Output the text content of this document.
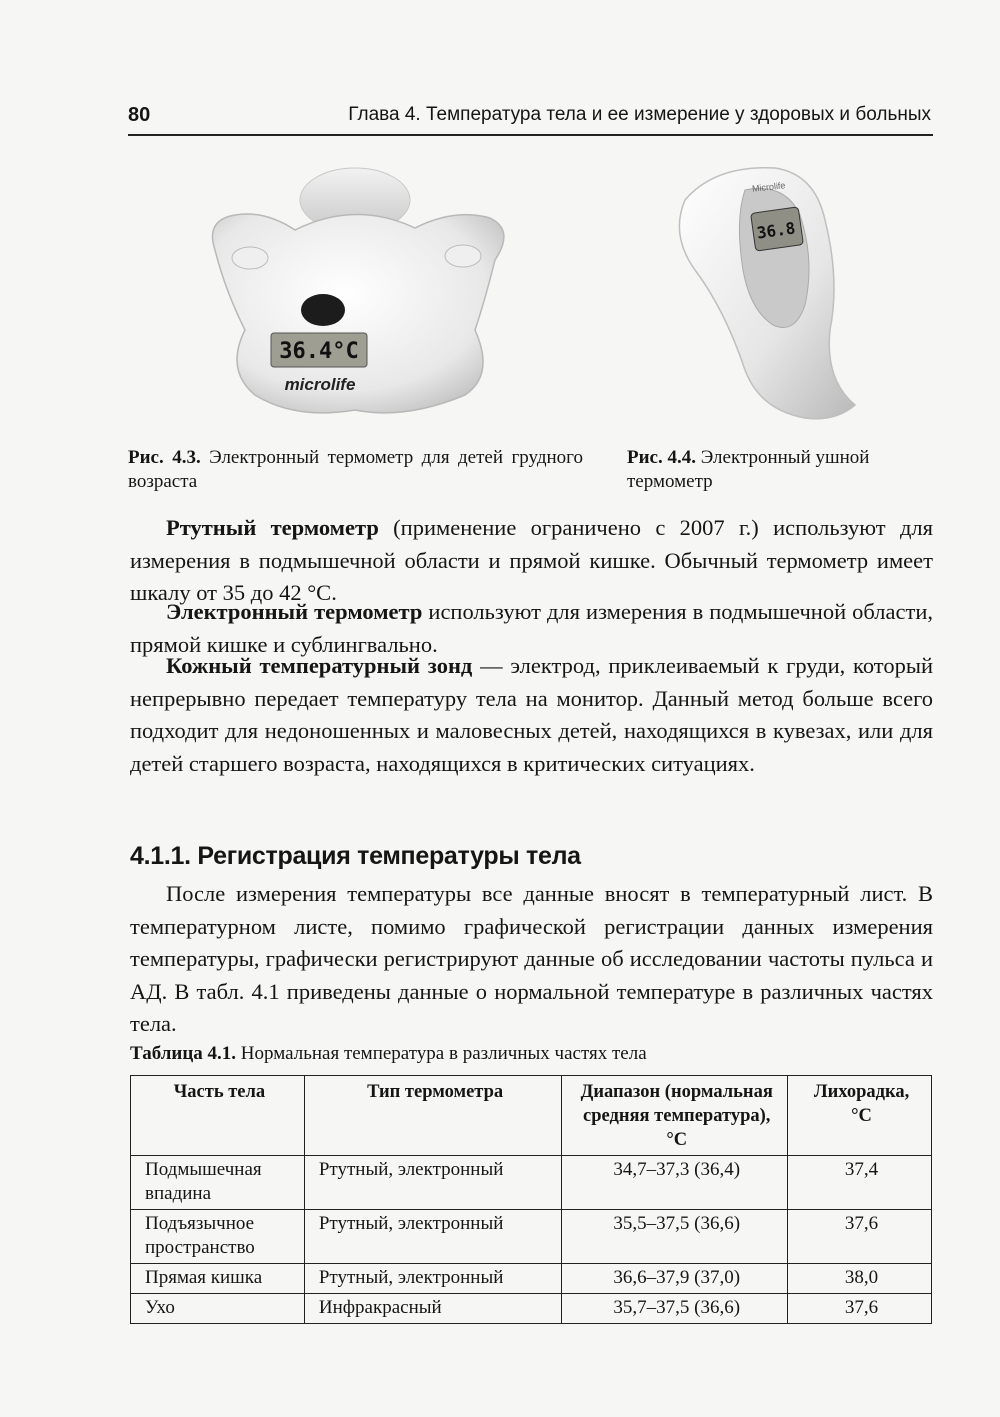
80	Глава 4. Температура тела и ее измерение у здоровых и больных
36.4°C
microlife
36.8
Microlife
Рис. 4.3. Электронный термометр для детей грудного возраста
Рис. 4.4. Электронный ушной термометр

Ртутный термометр (применение ограничено с 2007 г.) используют для измерения в подмышечной области и прямой кишке. Обычный термометр имеет шкалу от 35 до 42 °С.

Электронный термометр используют для измерения в подмышечной области, прямой кишке и сублингвально.

Кожный температурный зонд — электрод, приклеиваемый к груди, который непрерывно передает температуру тела на монитор. Данный метод больше всего подходит для недоношенных и маловесных детей, находящихся в кувезах, или для детей старшего возраста, находящихся в критических ситуациях.

4.1.1. Регистрация температуры тела

После измерения температуры все данные вносят в температурный лист. В температурном листе, помимо графической регистрации данных измерения температуры, графически регистрируют данные об исследовании частоты пульса и АД. В табл. 4.1 приведены данные о нормальной температуре в различных частях тела.

Таблица 4.1. Нормальная температура в различных частях тела
Часть тела	Тип термометра	Диапазон (нормальная средняя температура), °С	Лихорадка, °С
Подмышечная впадина	Ртутный, электронный	34,7–37,3 (36,4)	37,4
Подъязычное пространство	Ртутный, электронный	35,5–37,5 (36,6)	37,6
Прямая кишка	Ртутный, электронный	36,6–37,9 (37,0)	38,0
Ухо	Инфракрасный	35,7–37,5 (36,6)	37,6
